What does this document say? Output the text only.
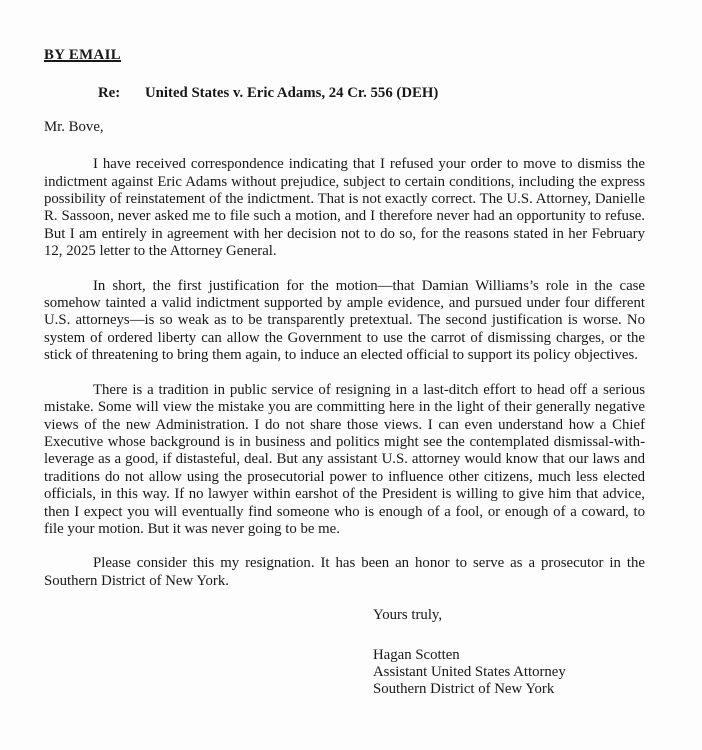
BY EMAIL
Re: United States v. Eric Adams, 24 Cr. 556 (DEH)
Mr. Bove,

I have received correspondence indicating that I refused your order to move to dismiss the indictment against Eric Adams without prejudice, subject to certain conditions, including the express possibility of reinstatement of the indictment. That is not exactly correct. The U.S. Attorney, Danielle R. Sassoon, never asked me to file such a motion, and I therefore never had an opportunity to refuse. But I am entirely in agreement with her decision not to do so, for the reasons stated in her February 12, 2025 letter to the Attorney General.

In short, the first justification for the motion—that Damian Williams’s role in the case somehow tainted a valid indictment supported by ample evidence, and pursued under four different U.S. attorneys—is so weak as to be transparently pretextual. The second justification is worse. No system of ordered liberty can allow the Government to use the carrot of dismissing charges, or the stick of threatening to bring them again, to induce an elected official to support its policy objectives.

There is a tradition in public service of resigning in a last-ditch effort to head off a serious mistake. Some will view the mistake you are committing here in the light of their generally negative views of the new Administration. I do not share those views. I can even understand how a Chief Executive whose background is in business and politics might see the contemplated dismissal-with-leverage as a good, if distasteful, deal. But any assistant U.S. attorney would know that our laws and traditions do not allow using the prosecutorial power to influence other citizens, much less elected officials, in this way. If no lawyer within earshot of the President is willing to give him that advice, then I expect you will eventually find someone who is enough of a fool, or enough of a coward, to file your motion. But it was never going to be me.

Please consider this my resignation. It has been an honor to serve as a prosecutor in the Southern District of New York.

Yours truly,
Hagan Scotten
Assistant United States Attorney
Southern District of New York
